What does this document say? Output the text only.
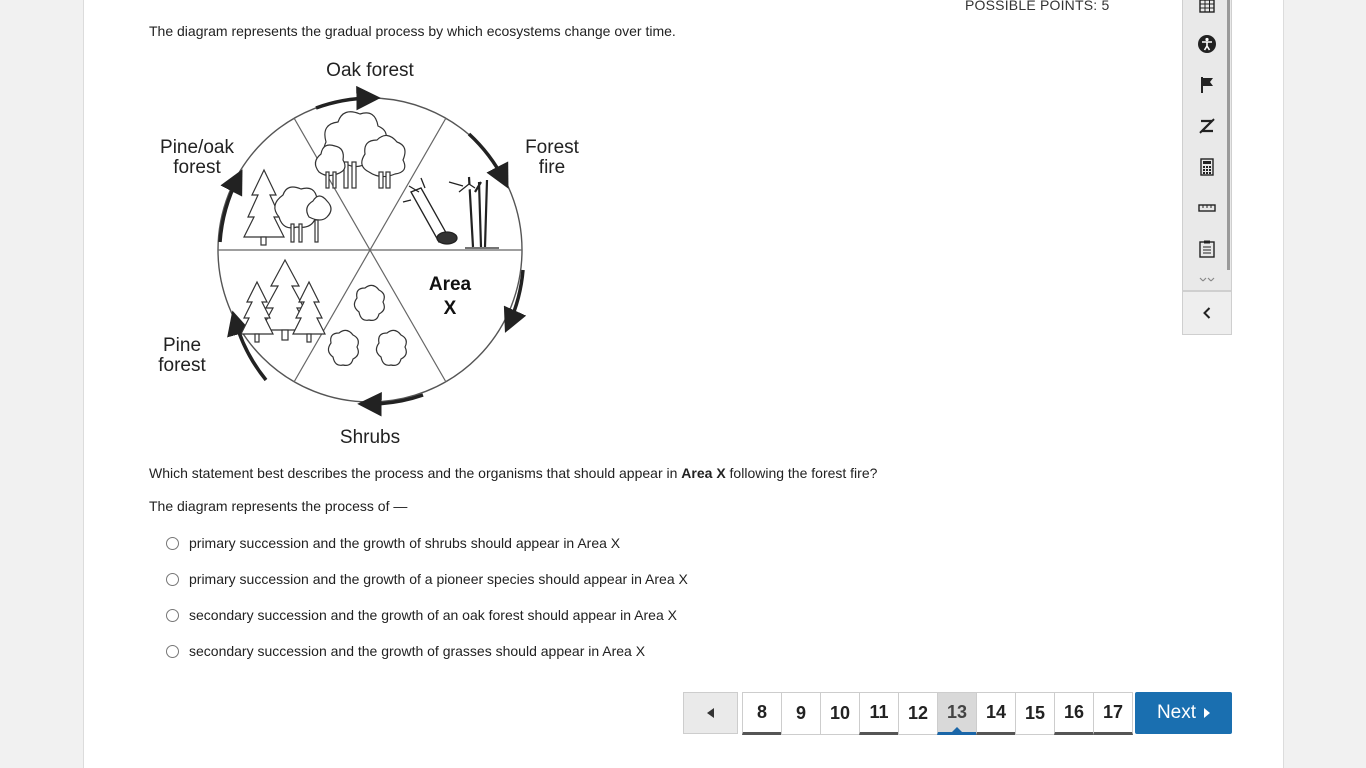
POSSIBLE POINTS: 5
The diagram represents the gradual process by which ecosystems change over time.
Oak forest
Forest
fire
Area
X
Shrubs
Pine
forest
Pine/oak
forest
Which statement best describes the process and the organisms that should appear in Area X following the forest fire?
The diagram represents the process of —
primary succession and the growth of shrubs should appear in Area X
primary succession and the growth of a pioneer species should appear in Area X
secondary succession and the growth of an oak forest should appear in Area X
secondary succession and the growth of grasses should appear in Area X
8	9	10	11	12	13	14	15	16	17	Next
